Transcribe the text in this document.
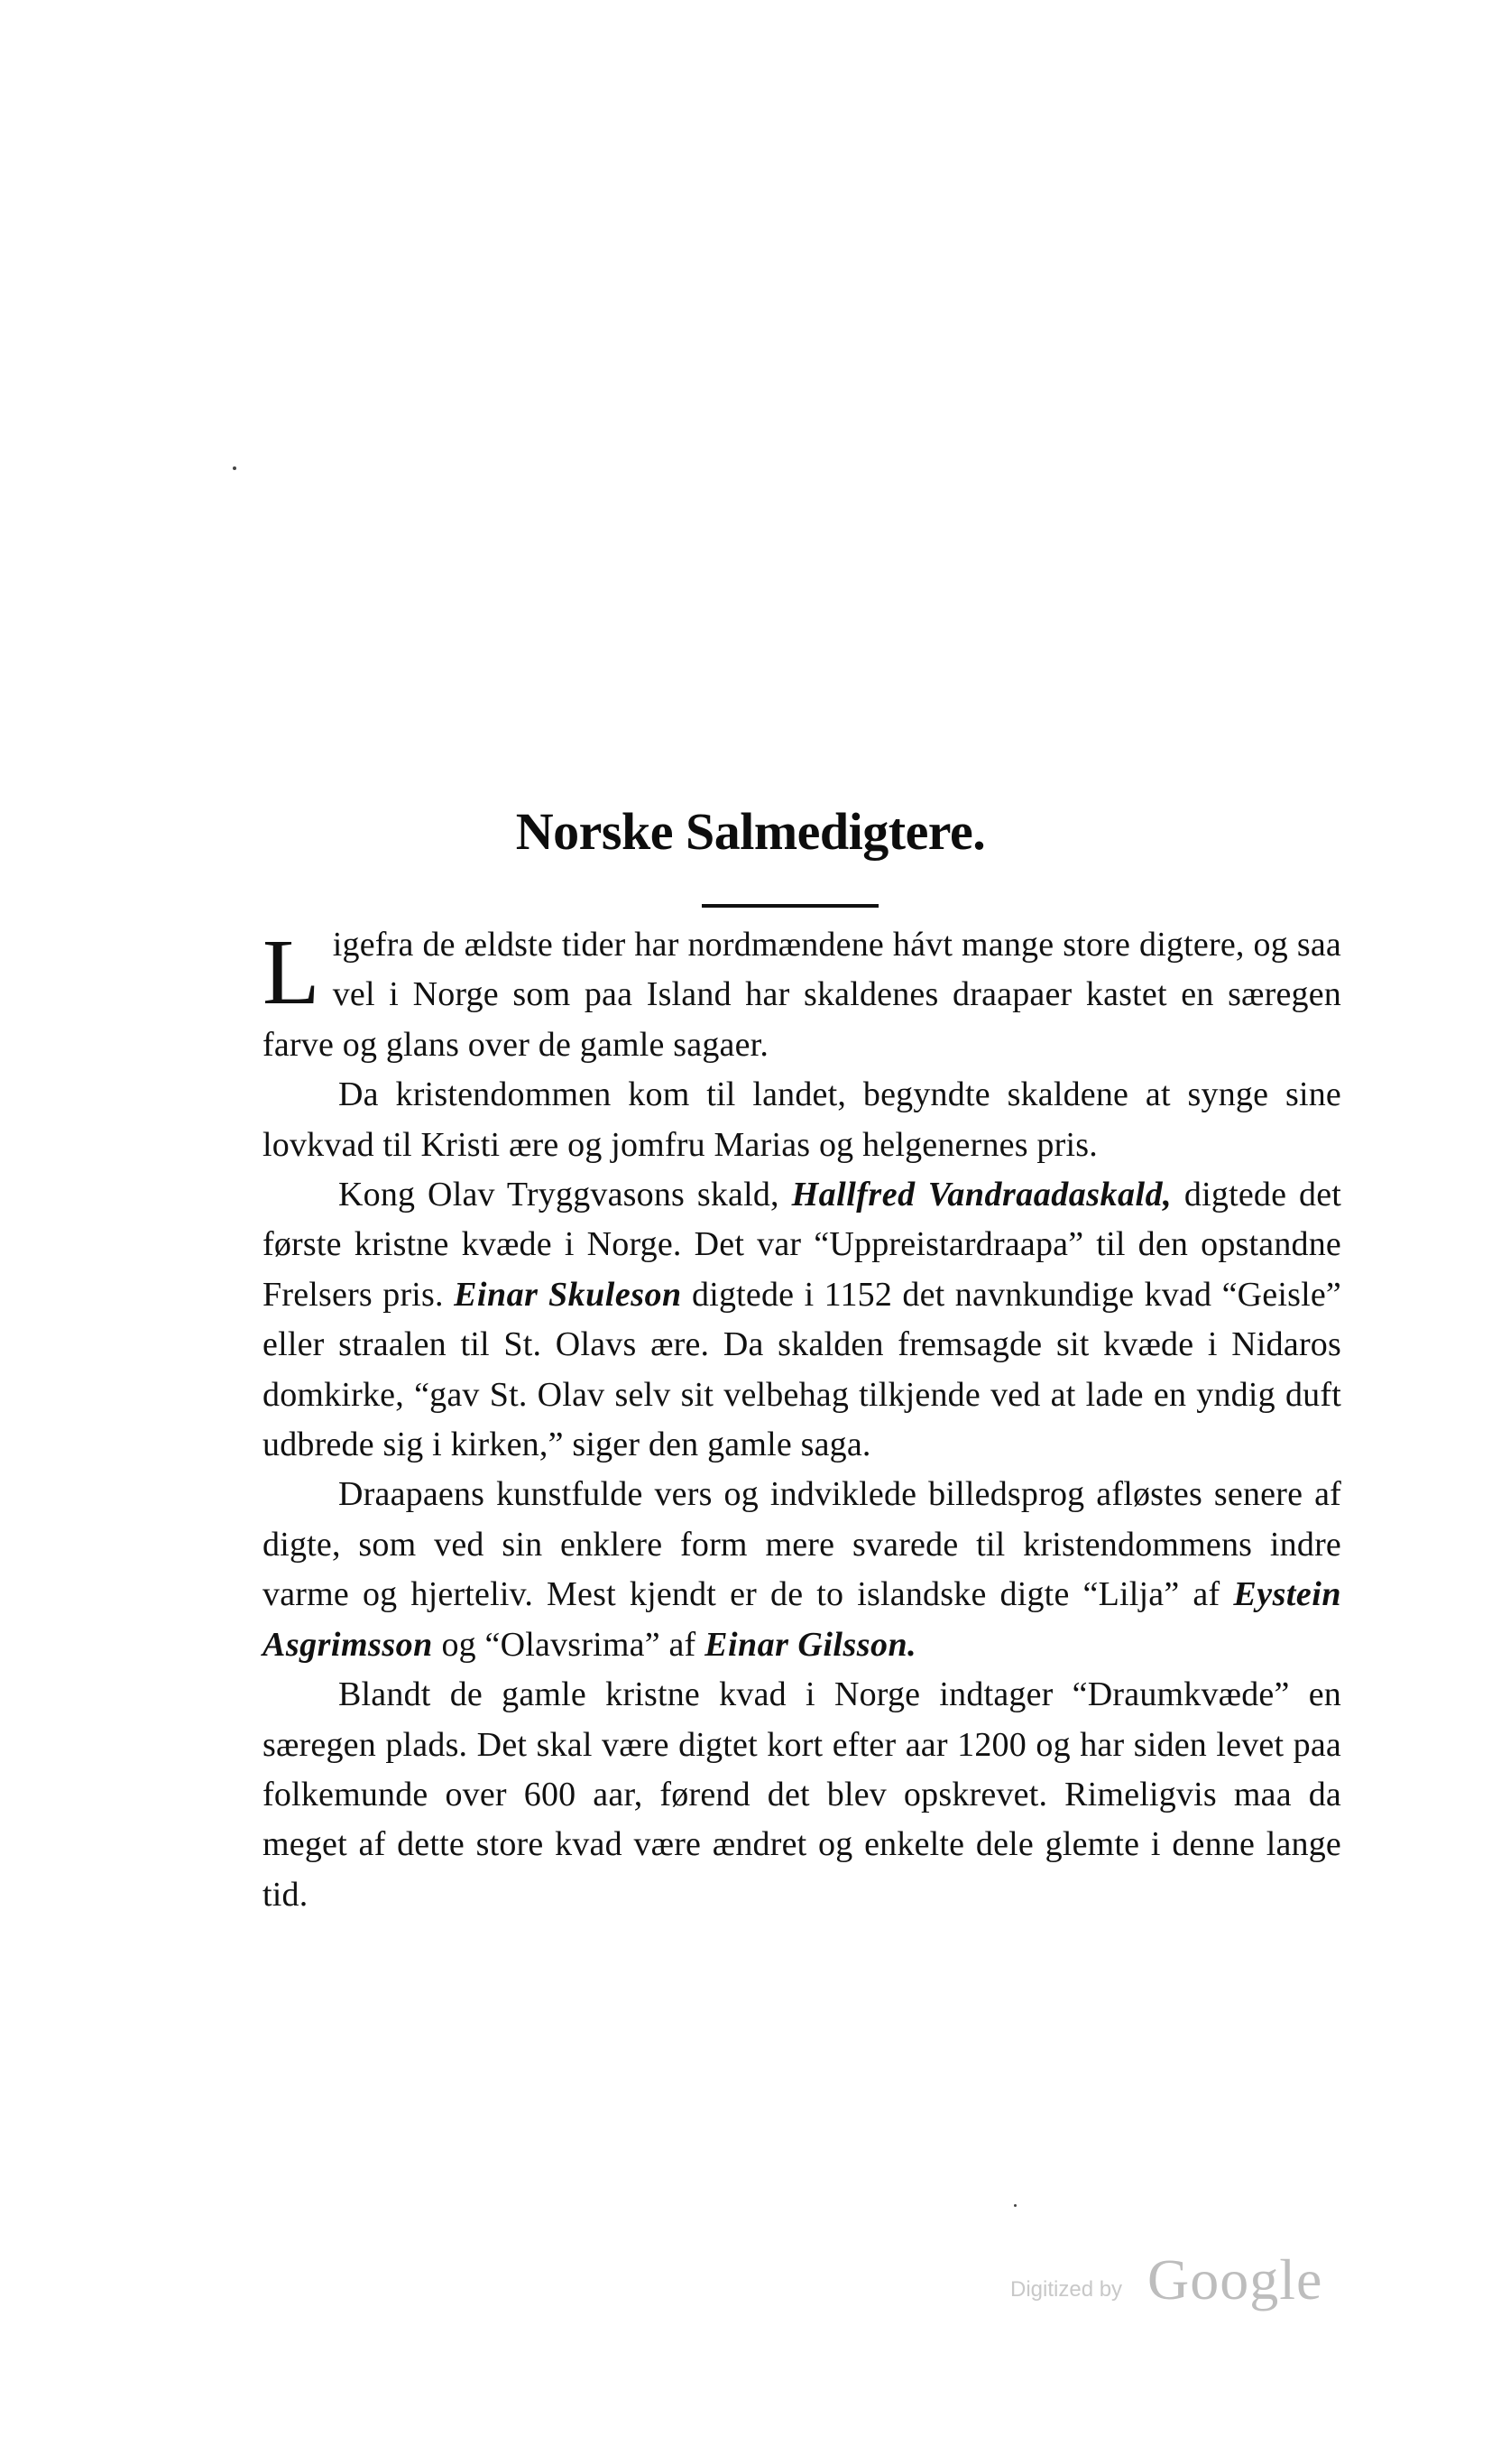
Norske Salmedigtere.

Ligefra de ældste tider har nordmændene hávt mange store digtere, og saa vel i Norge som paa Island har skaldenes draapaer kastet en særegen farve og glans over de gamle sagaer.

Da kristendommen kom til landet, begyndte skaldene at synge sine lovkvad til Kristi ære og jomfru Marias og helgenernes pris.

Kong Olav Tryggvasons skald, Hallfred Vandraadaskald, digtede det første kristne kvæde i Norge. Det var “Uppreistardraapa” til den opstandne Frelsers pris. Einar Skuleson digtede i 1152 det navnkundige kvad “Geisle” eller straalen til St. Olavs ære. Da skalden fremsagde sit kvæde i Nidaros domkirke, “gav St. Olav selv sit velbehag tilkjende ved at lade en yndig duft udbrede sig i kirken,” siger den gamle saga.

Draapaens kunstfulde vers og indviklede billedsprog afløstes senere af digte, som ved sin enklere form mere svarede til kristendommens indre varme og hjerteliv. Mest kjendt er de to islandske digte “Lilja” af Eystein Asgrimsson og “Olavsrima” af Einar Gilsson.

Blandt de gamle kristne kvad i Norge indtager “Draumkvæde” en særegen plads. Det skal være digtet kort efter aar 1200 og har siden levet paa folkemunde over 600 aar, førend det blev opskrevet. Rimeligvis maa da meget af dette store kvad være ændret og enkelte dele glemte i denne lange tid.

Digitized by Google
